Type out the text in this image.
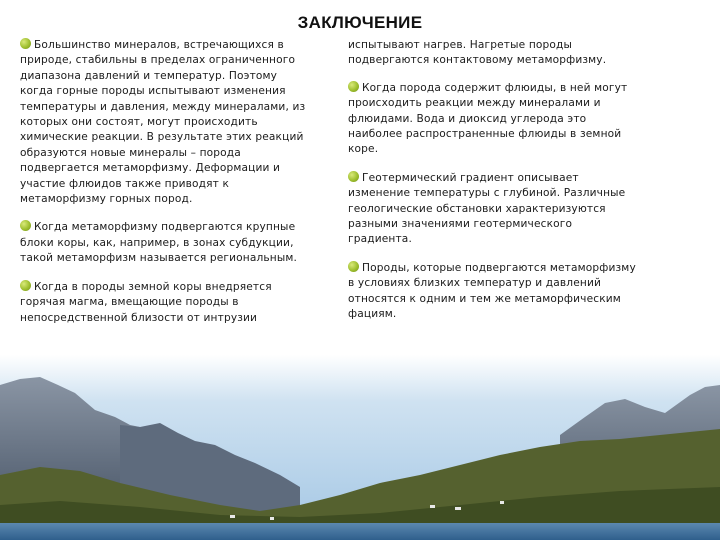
ЗАКЛЮЧЕНИЕ

Большинство минералов, встречающихся в
природе, стабильны в пределах ограниченного
диапазона давлений и температур. Поэтому
когда горные породы испытывают изменения
температуры и давления, между минералами, из
которых они состоят, могут происходить
химические реакции. В результате этих реакций
образуются новые минералы – порода
подвергается метаморфизму. Деформации и
участие флюидов также приводят к
метаморфизму горных пород.

Когда метаморфизму подвергаются крупные
блоки коры, как, например, в зонах субдукции,
такой метаморфизм называется региональным.

Когда в породы земной коры внедряется
горячая магма, вмещающие породы в
непосредственной близости от интрузии

испытывают нагрев. Нагретые породы
подвергаются контактовому метаморфизму.

Когда порода содержит флюиды, в ней могут
происходить реакции между минералами и
флюидами. Вода и диоксид углерода это
наиболее распространенные флюиды в земной
коре.

Геотермический градиент описывает
изменение температуры с глубиной. Различные
геологические обстановки характеризуются
разными значениями геотермического
градиента.

Породы, которые подвергаются метаморфизму
в условиях близких температур и давлений
относятся к одним и тем же метаморфическим
фациям.
